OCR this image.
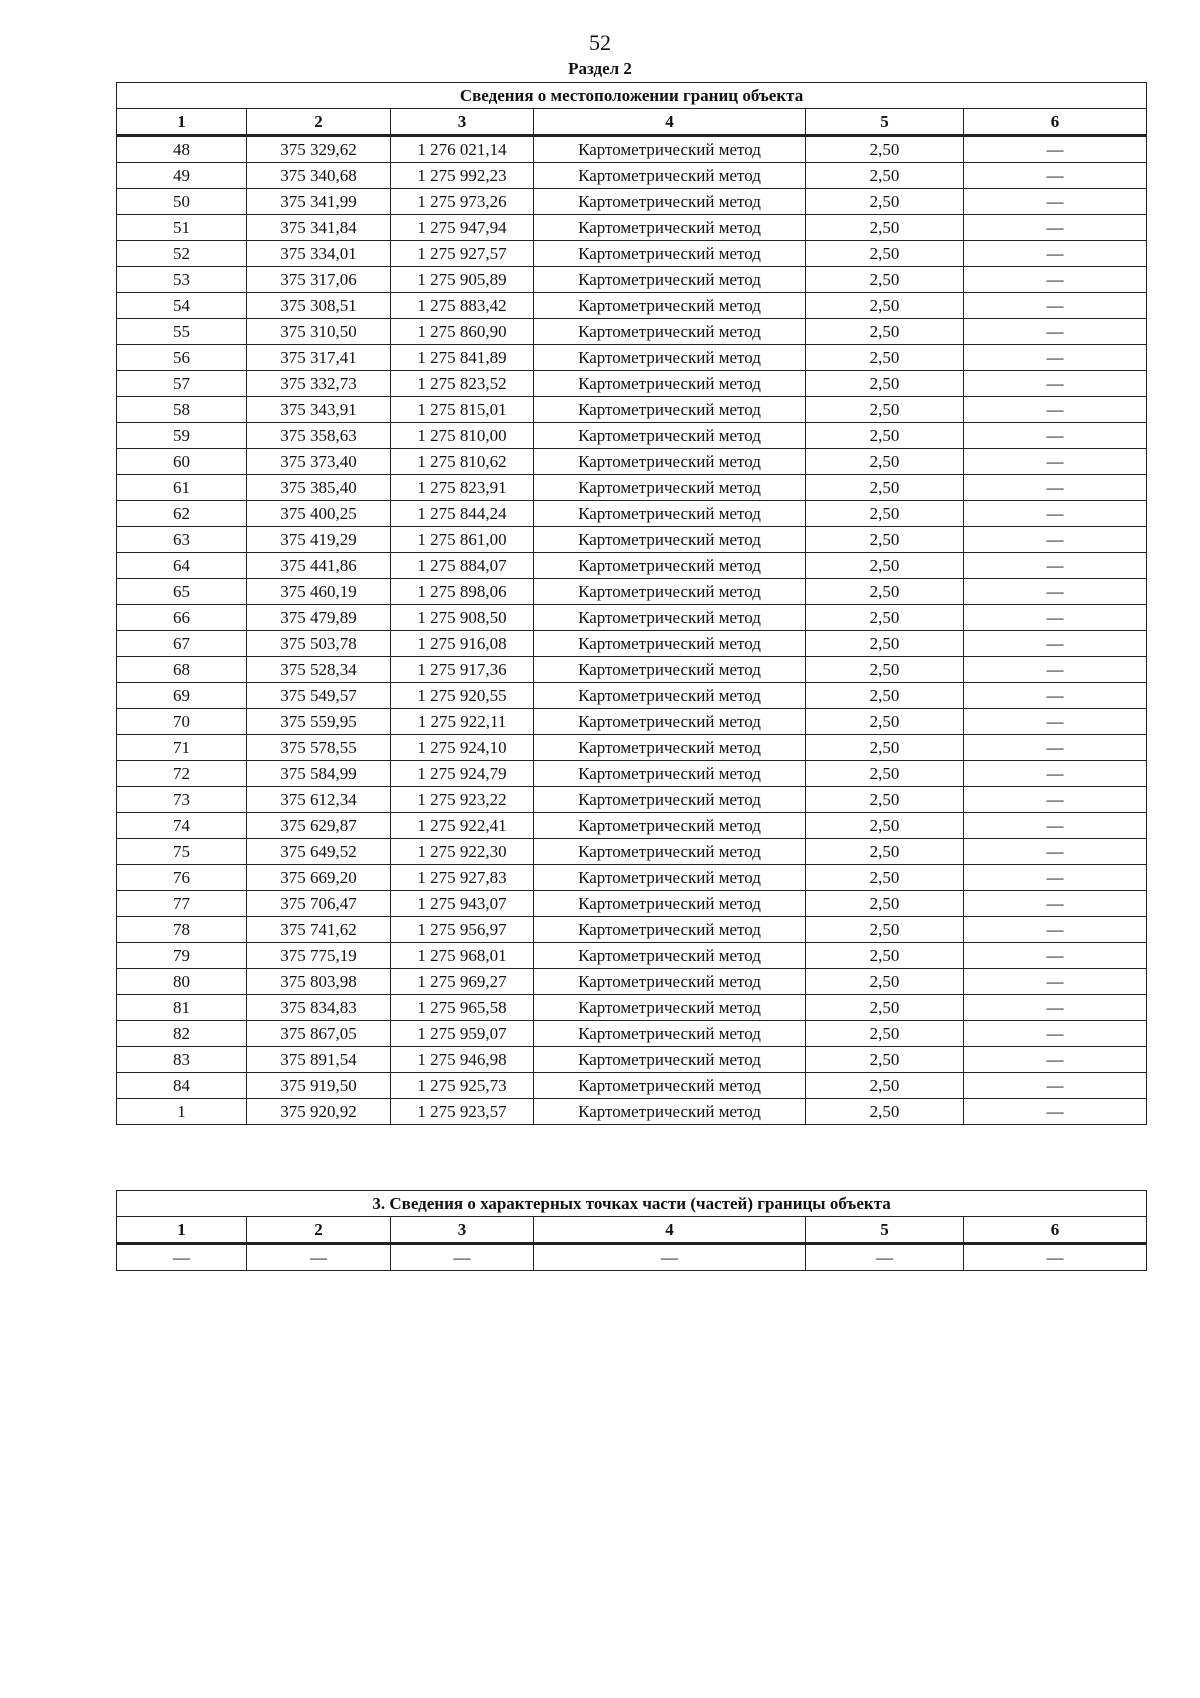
52
Раздел 2
Сведения о местоположении границ объекта					
1	2	3	4	5	6
48	375 329,62	1 276 021,14	Картометрический метод	2,50	—
49	375 340,68	1 275 992,23	Картометрический метод	2,50	—
50	375 341,99	1 275 973,26	Картометрический метод	2,50	—
51	375 341,84	1 275 947,94	Картометрический метод	2,50	—
52	375 334,01	1 275 927,57	Картометрический метод	2,50	—
53	375 317,06	1 275 905,89	Картометрический метод	2,50	—
54	375 308,51	1 275 883,42	Картометрический метод	2,50	—
55	375 310,50	1 275 860,90	Картометрический метод	2,50	—
56	375 317,41	1 275 841,89	Картометрический метод	2,50	—
57	375 332,73	1 275 823,52	Картометрический метод	2,50	—
58	375 343,91	1 275 815,01	Картометрический метод	2,50	—
59	375 358,63	1 275 810,00	Картометрический метод	2,50	—
60	375 373,40	1 275 810,62	Картометрический метод	2,50	—
61	375 385,40	1 275 823,91	Картометрический метод	2,50	—
62	375 400,25	1 275 844,24	Картометрический метод	2,50	—
63	375 419,29	1 275 861,00	Картометрический метод	2,50	—
64	375 441,86	1 275 884,07	Картометрический метод	2,50	—
65	375 460,19	1 275 898,06	Картометрический метод	2,50	—
66	375 479,89	1 275 908,50	Картометрический метод	2,50	—
67	375 503,78	1 275 916,08	Картометрический метод	2,50	—
68	375 528,34	1 275 917,36	Картометрический метод	2,50	—
69	375 549,57	1 275 920,55	Картометрический метод	2,50	—
70	375 559,95	1 275 922,11	Картометрический метод	2,50	—
71	375 578,55	1 275 924,10	Картометрический метод	2,50	—
72	375 584,99	1 275 924,79	Картометрический метод	2,50	—
73	375 612,34	1 275 923,22	Картометрический метод	2,50	—
74	375 629,87	1 275 922,41	Картометрический метод	2,50	—
75	375 649,52	1 275 922,30	Картометрический метод	2,50	—
76	375 669,20	1 275 927,83	Картометрический метод	2,50	—
77	375 706,47	1 275 943,07	Картометрический метод	2,50	—
78	375 741,62	1 275 956,97	Картометрический метод	2,50	—
79	375 775,19	1 275 968,01	Картометрический метод	2,50	—
80	375 803,98	1 275 969,27	Картометрический метод	2,50	—
81	375 834,83	1 275 965,58	Картометрический метод	2,50	—
82	375 867,05	1 275 959,07	Картометрический метод	2,50	—
83	375 891,54	1 275 946,98	Картометрический метод	2,50	—
84	375 919,50	1 275 925,73	Картометрический метод	2,50	—
1	375 920,92	1 275 923,57	Картометрический метод	2,50	—
3. Сведения о характерных точках части (частей) границы объекта					
1	2	3	4	5	6
—	—	—	—	—	—
